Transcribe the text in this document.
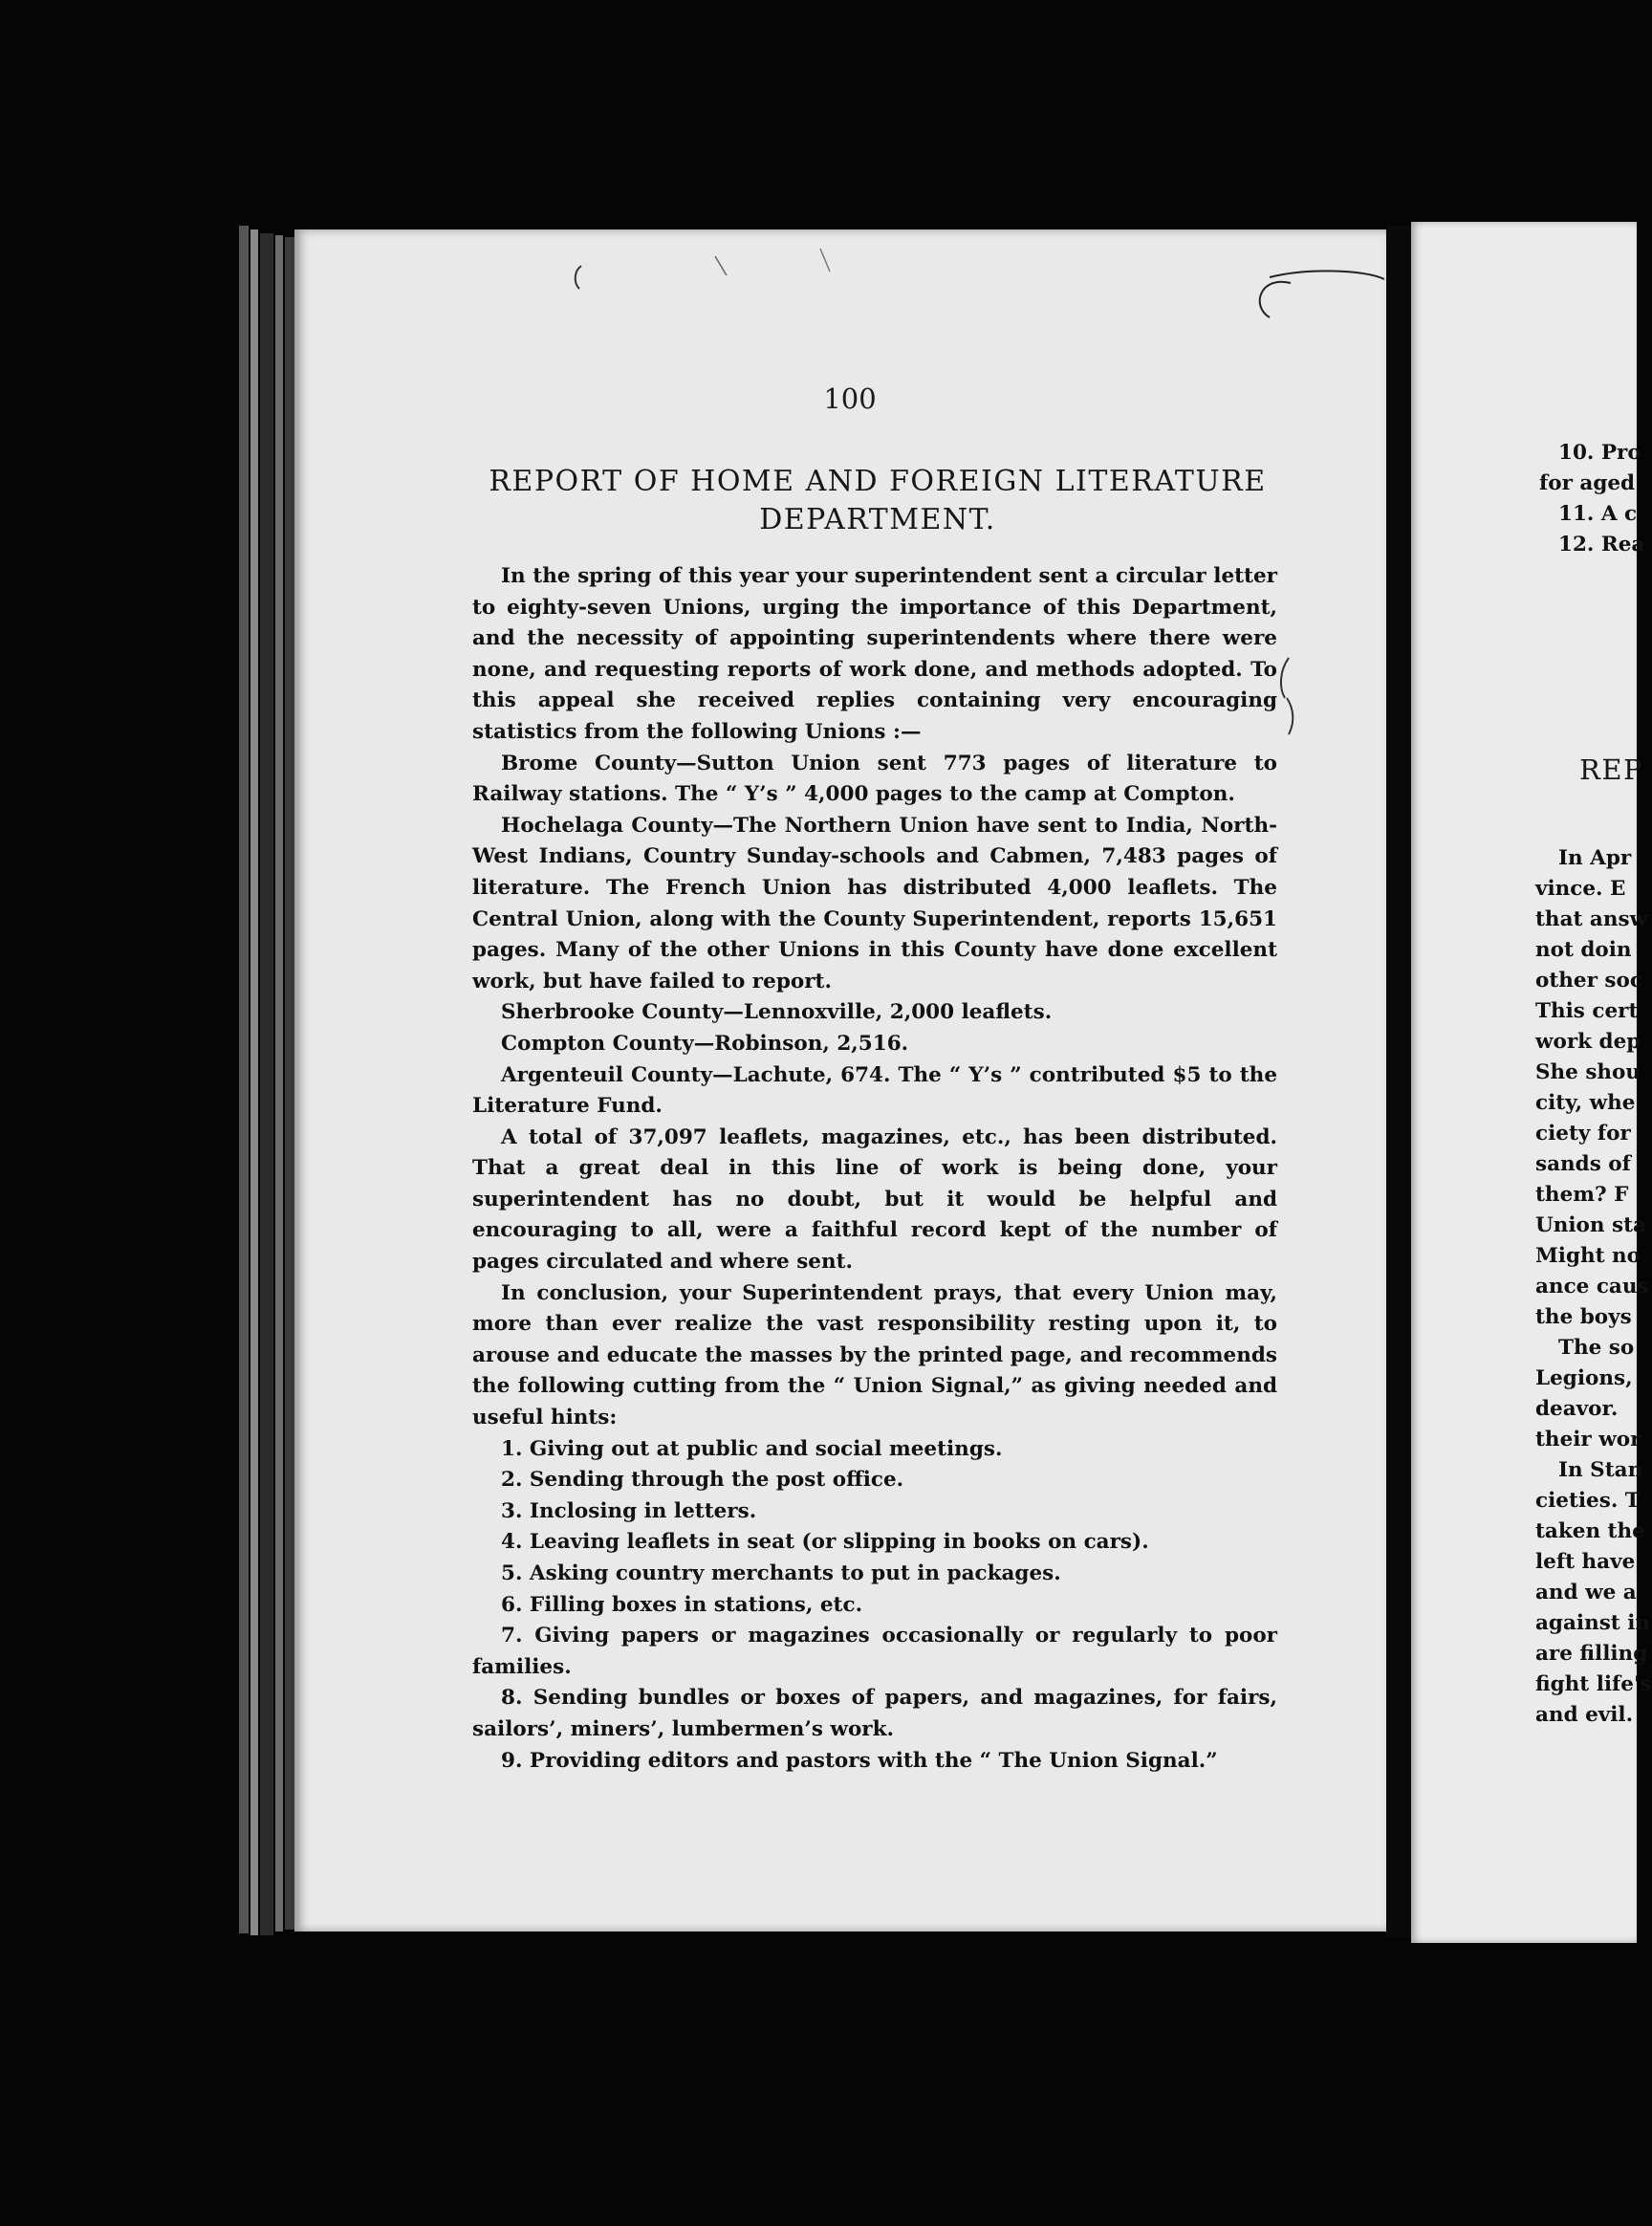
100
REPORT OF HOME AND FOREIGN LITERATURE
DEPARTMENT.

In the spring of this year your superintendent sent a circular letter to eighty-seven Unions, urging the importance of this Department, and the necessity of appointing superintendents where there were none, and requesting reports of work done, and methods adopted. To this appeal she received replies containing very encouraging statistics from the following Unions :—

Brome County—Sutton Union sent 773 pages of literature to Railway stations. The “ Y’s ” 4,000 pages to the camp at Compton.

Hochelaga County—The Northern Union have sent to India, North-West Indians, Country Sunday-schools and Cabmen, 7,483 pages of literature. The French Union has distributed 4,000 leaflets. The Central Union, along with the County Superintendent, reports 15,651 pages. Many of the other Unions in this County have done excellent work, but have failed to report.

Sherbrooke County—Lennoxville, 2,000 leaflets.

Compton County—Robinson, 2,516.

Argenteuil County—Lachute, 674. The “ Y’s ” contributed $5 to the Literature Fund.

A total of 37,097 leaflets, magazines, etc., has been distributed. That a great deal in this line of work is being done, your superintendent has no doubt, but it would be helpful and encouraging to all, were a faithful record kept of the number of pages circulated and where sent.

In conclusion, your Superintendent prays, that every Union may, more than ever realize the vast responsibility resting upon it, to arouse and educate the masses by the printed page, and recommends the following cutting from the “ Union Signal,” as giving needed and useful hints:

1. Giving out at public and social meetings.

2. Sending through the post office.

3. Inclosing in letters.

4. Leaving leaflets in seat (or slipping in books on cars).

5. Asking country merchants to put in packages.

6. Filling boxes in stations, etc.

7. Giving papers or magazines occasionally or regularly to poor families.

8. Sending bundles or boxes of papers, and magazines, for fairs, sailors’, miners’, lumbermen’s work.

9. Providing editors and pastors with the “ The Union Signal.”

10. Pro
for aged
11. A c
12. Rea
REP
In Apr
vince. E
that answ
not doin
other soc
This cert
work dep
She shou
city, whe
ciety for
sands of
them? F
Union sta
Might no
ance caus
the boys
The so
Legions,
deavor.
their wor
In Stan
cieties. T
taken the
left have
and we a
against in
are filling
fight life's
and evil.
